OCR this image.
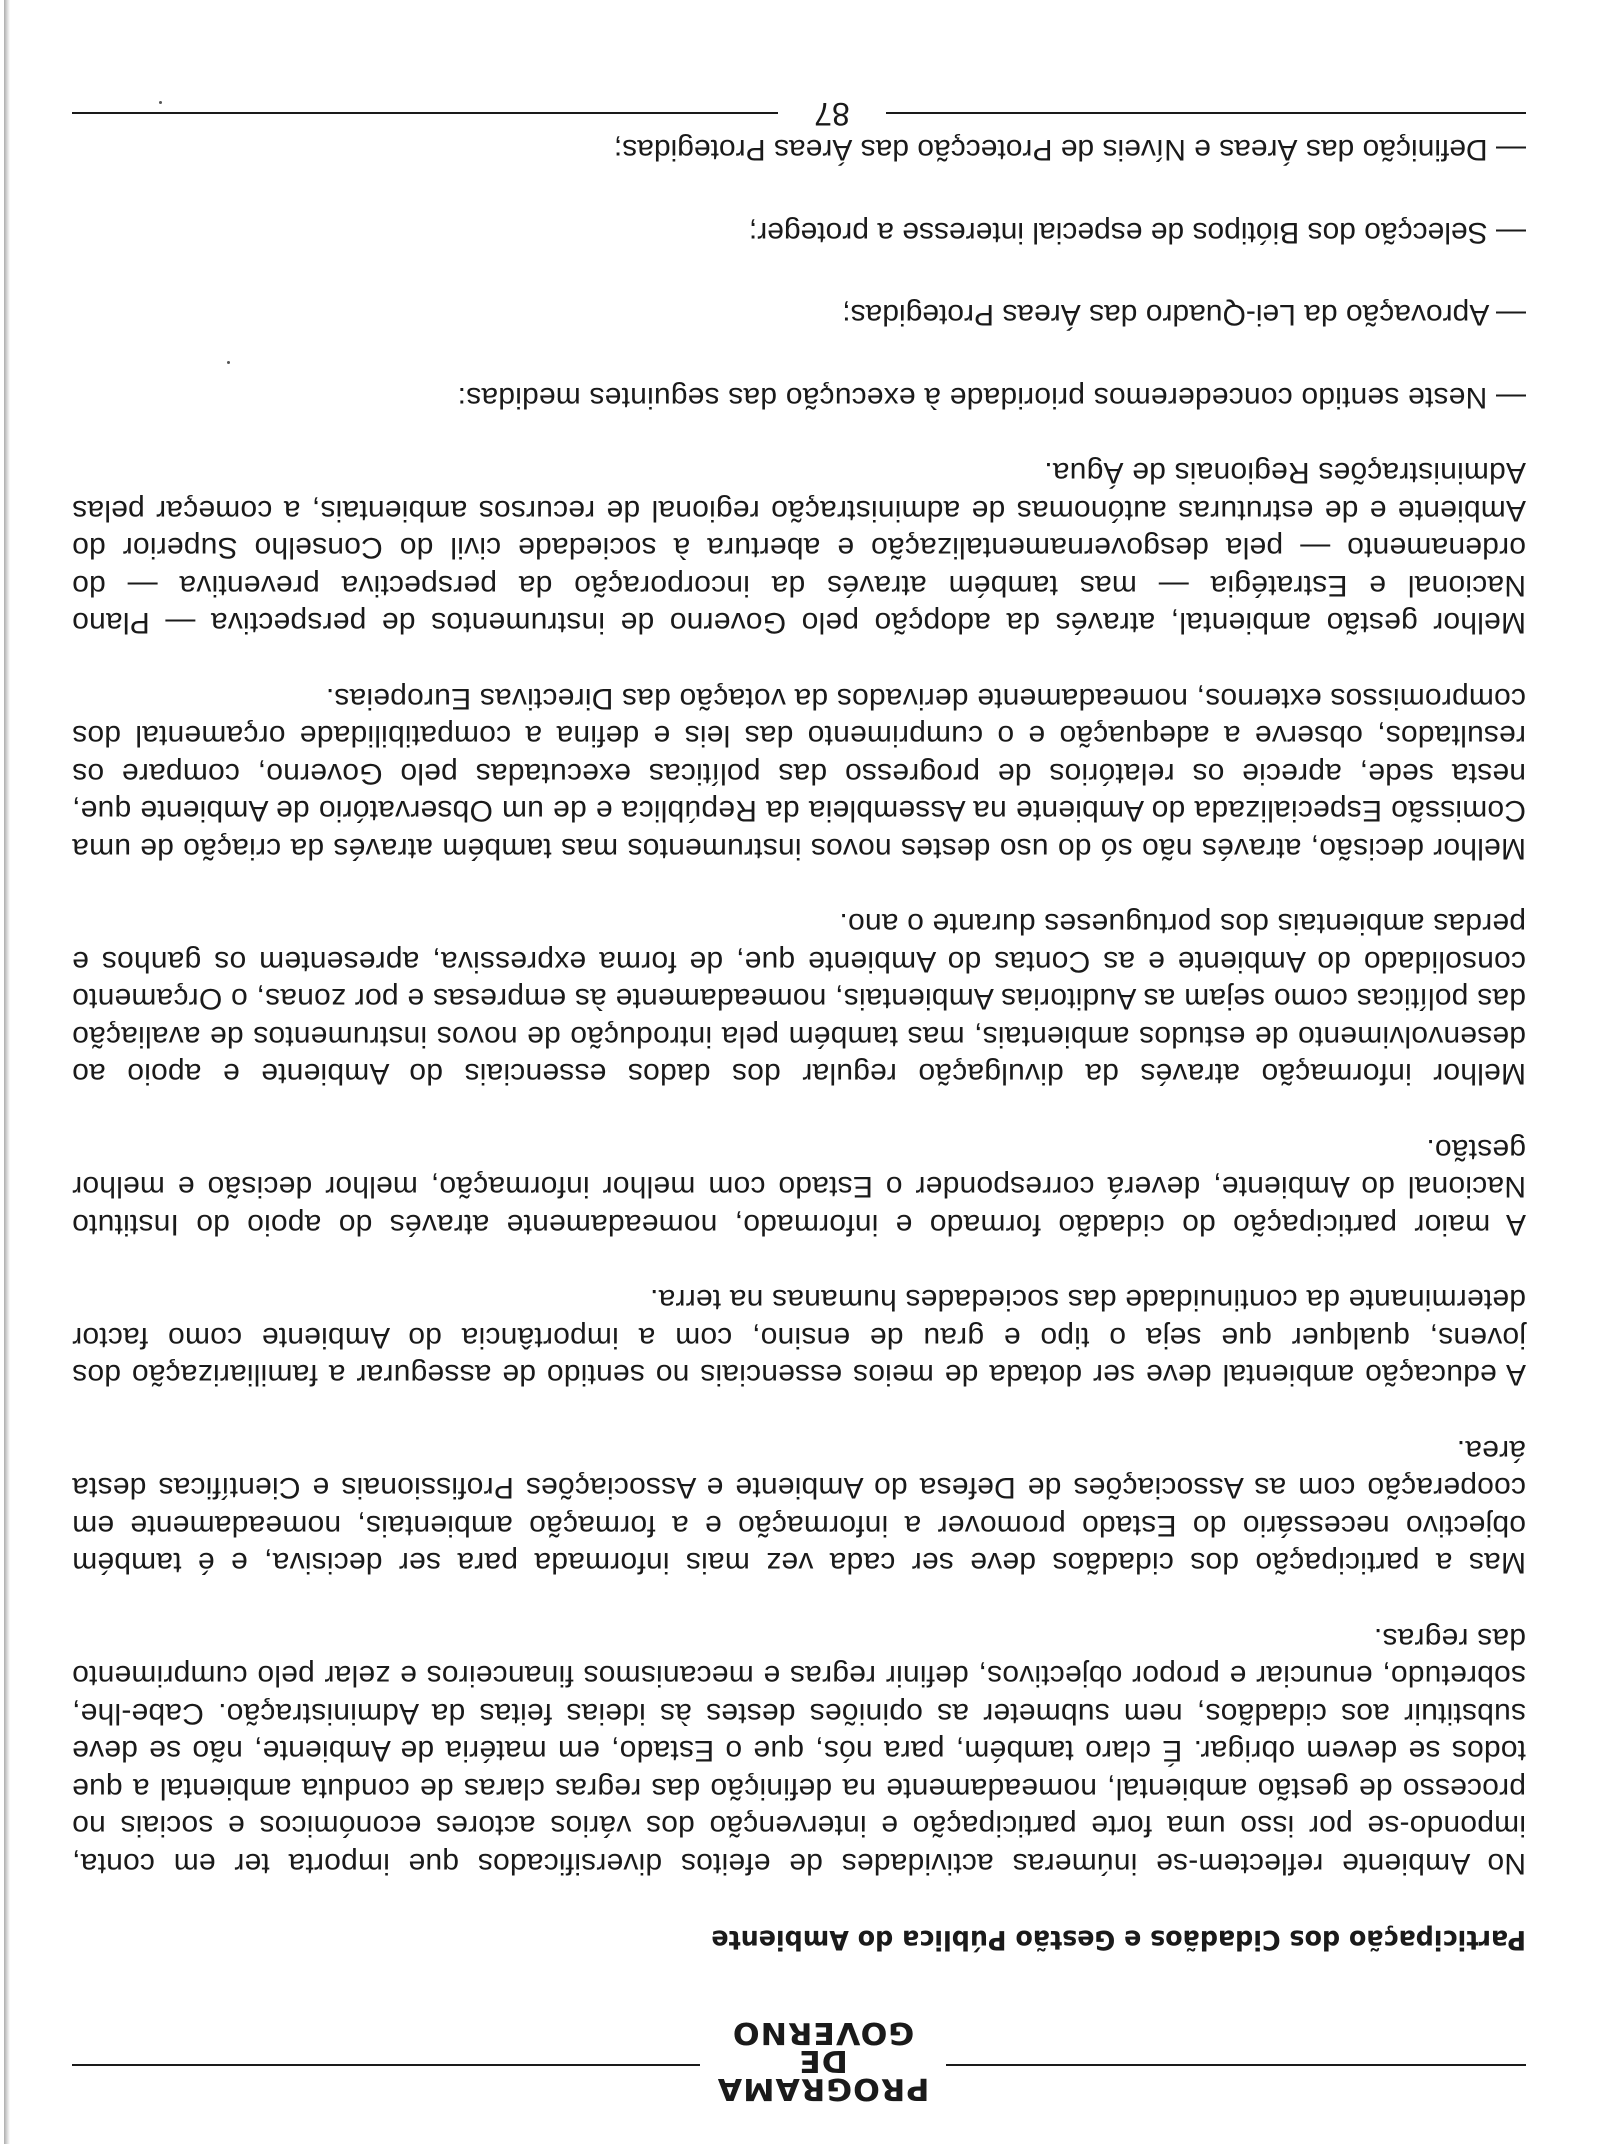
PROGRAMA
DE GOVERNO
Participação dos Cidadãos e Gestão Pública do Ambiente

No Ambiente reflectem-se inúmeras actividades de efeitos diversificados que importa ter em conta, impondo-se por isso uma forte participação e intervenção dos vários actores económicos e sociais no processo de gestão ambiental, nomeadamente na definição das regras claras de conduta ambiental a que todos se devem obrigar. É claro também, para nós, que o Estado, em matéria de Ambiente, não se deve substituir aos cidadãos, nem submeter as opiniões destes às ideias feitas da Administração. Cabe-lhe, sobretudo, enunciar e propor objectivos, definir regras e mecanismos financeiros e zelar pelo cumprimento das regras.

Mas a participação dos cidadãos deve ser cada vez mais informada para ser decisiva, e é também objectivo necessário do Estado promover a informação e a formação ambientais, nomeadamente em cooperação com as Associações de Defesa do Ambiente e Associações Profissionais e Científicas desta área.

A educação ambiental deve ser dotada de meios essenciais no sentido de assegurar a familiarização dos jovens, qualquer que seja o tipo e grau de ensino, com a importância do Ambiente como factor determinante da continuidade das sociedades humanas na terra.

A maior participação do cidadão formado e informado, nomeadamente através do apoio do Instituto Nacional do Ambiente, deverá corresponder o Estado com melhor informação, melhor decisão e melhor gestão.

Melhor informação através da divulgação regular dos dados essenciais do Ambiente e apoio ao desenvolvimento de estudos ambientais, mas também pela introdução de novos instrumentos de avaliação das políticas como sejam as Auditorias Ambientais, nomeadamente às empresas e por zonas, o Orçamento consolidado do Ambiente e as Contas do Ambiente que, de forma expressiva, apresentem os ganhos e perdas ambientais dos portugueses durante o ano.

Melhor decisão, através não só do uso destes novos instrumentos mas também através da criação de uma Comissão Especializada do Ambiente na Assembleia da República e de um Observatório de Ambiente que, nesta sede, aprecie os relatórios de progresso das políticas executadas pelo Governo, compare os resultados, observe a adequação e o cumprimento das leis e defina a compatibilidade orçamental dos compromissos externos, nomeadamente derivados da votação das Directivas Europeias.

Melhor gestão ambiental, através da adopção pelo Governo de instrumentos de perspectiva — Plano Nacional e Estratégia — mas também através da incorporação da perspectiva preventiva — do ordenamento — pela desgovernamentalização e abertura à sociedade civil do Conselho Superior do Ambiente e de estruturas autónomas de administração regional de recursos ambientais, a começar pelas Administrações Regionais de Água.

— Neste sentido concederemos prioridade à execução das seguintes medidas:

— Aprovação da Lei-Quadro das Áreas Protegidas;
— Selecção dos Biótipos de especial interesse a proteger;
— Definição das Áreas e Níveis de Protecção das Áreas Protegidas;
87
